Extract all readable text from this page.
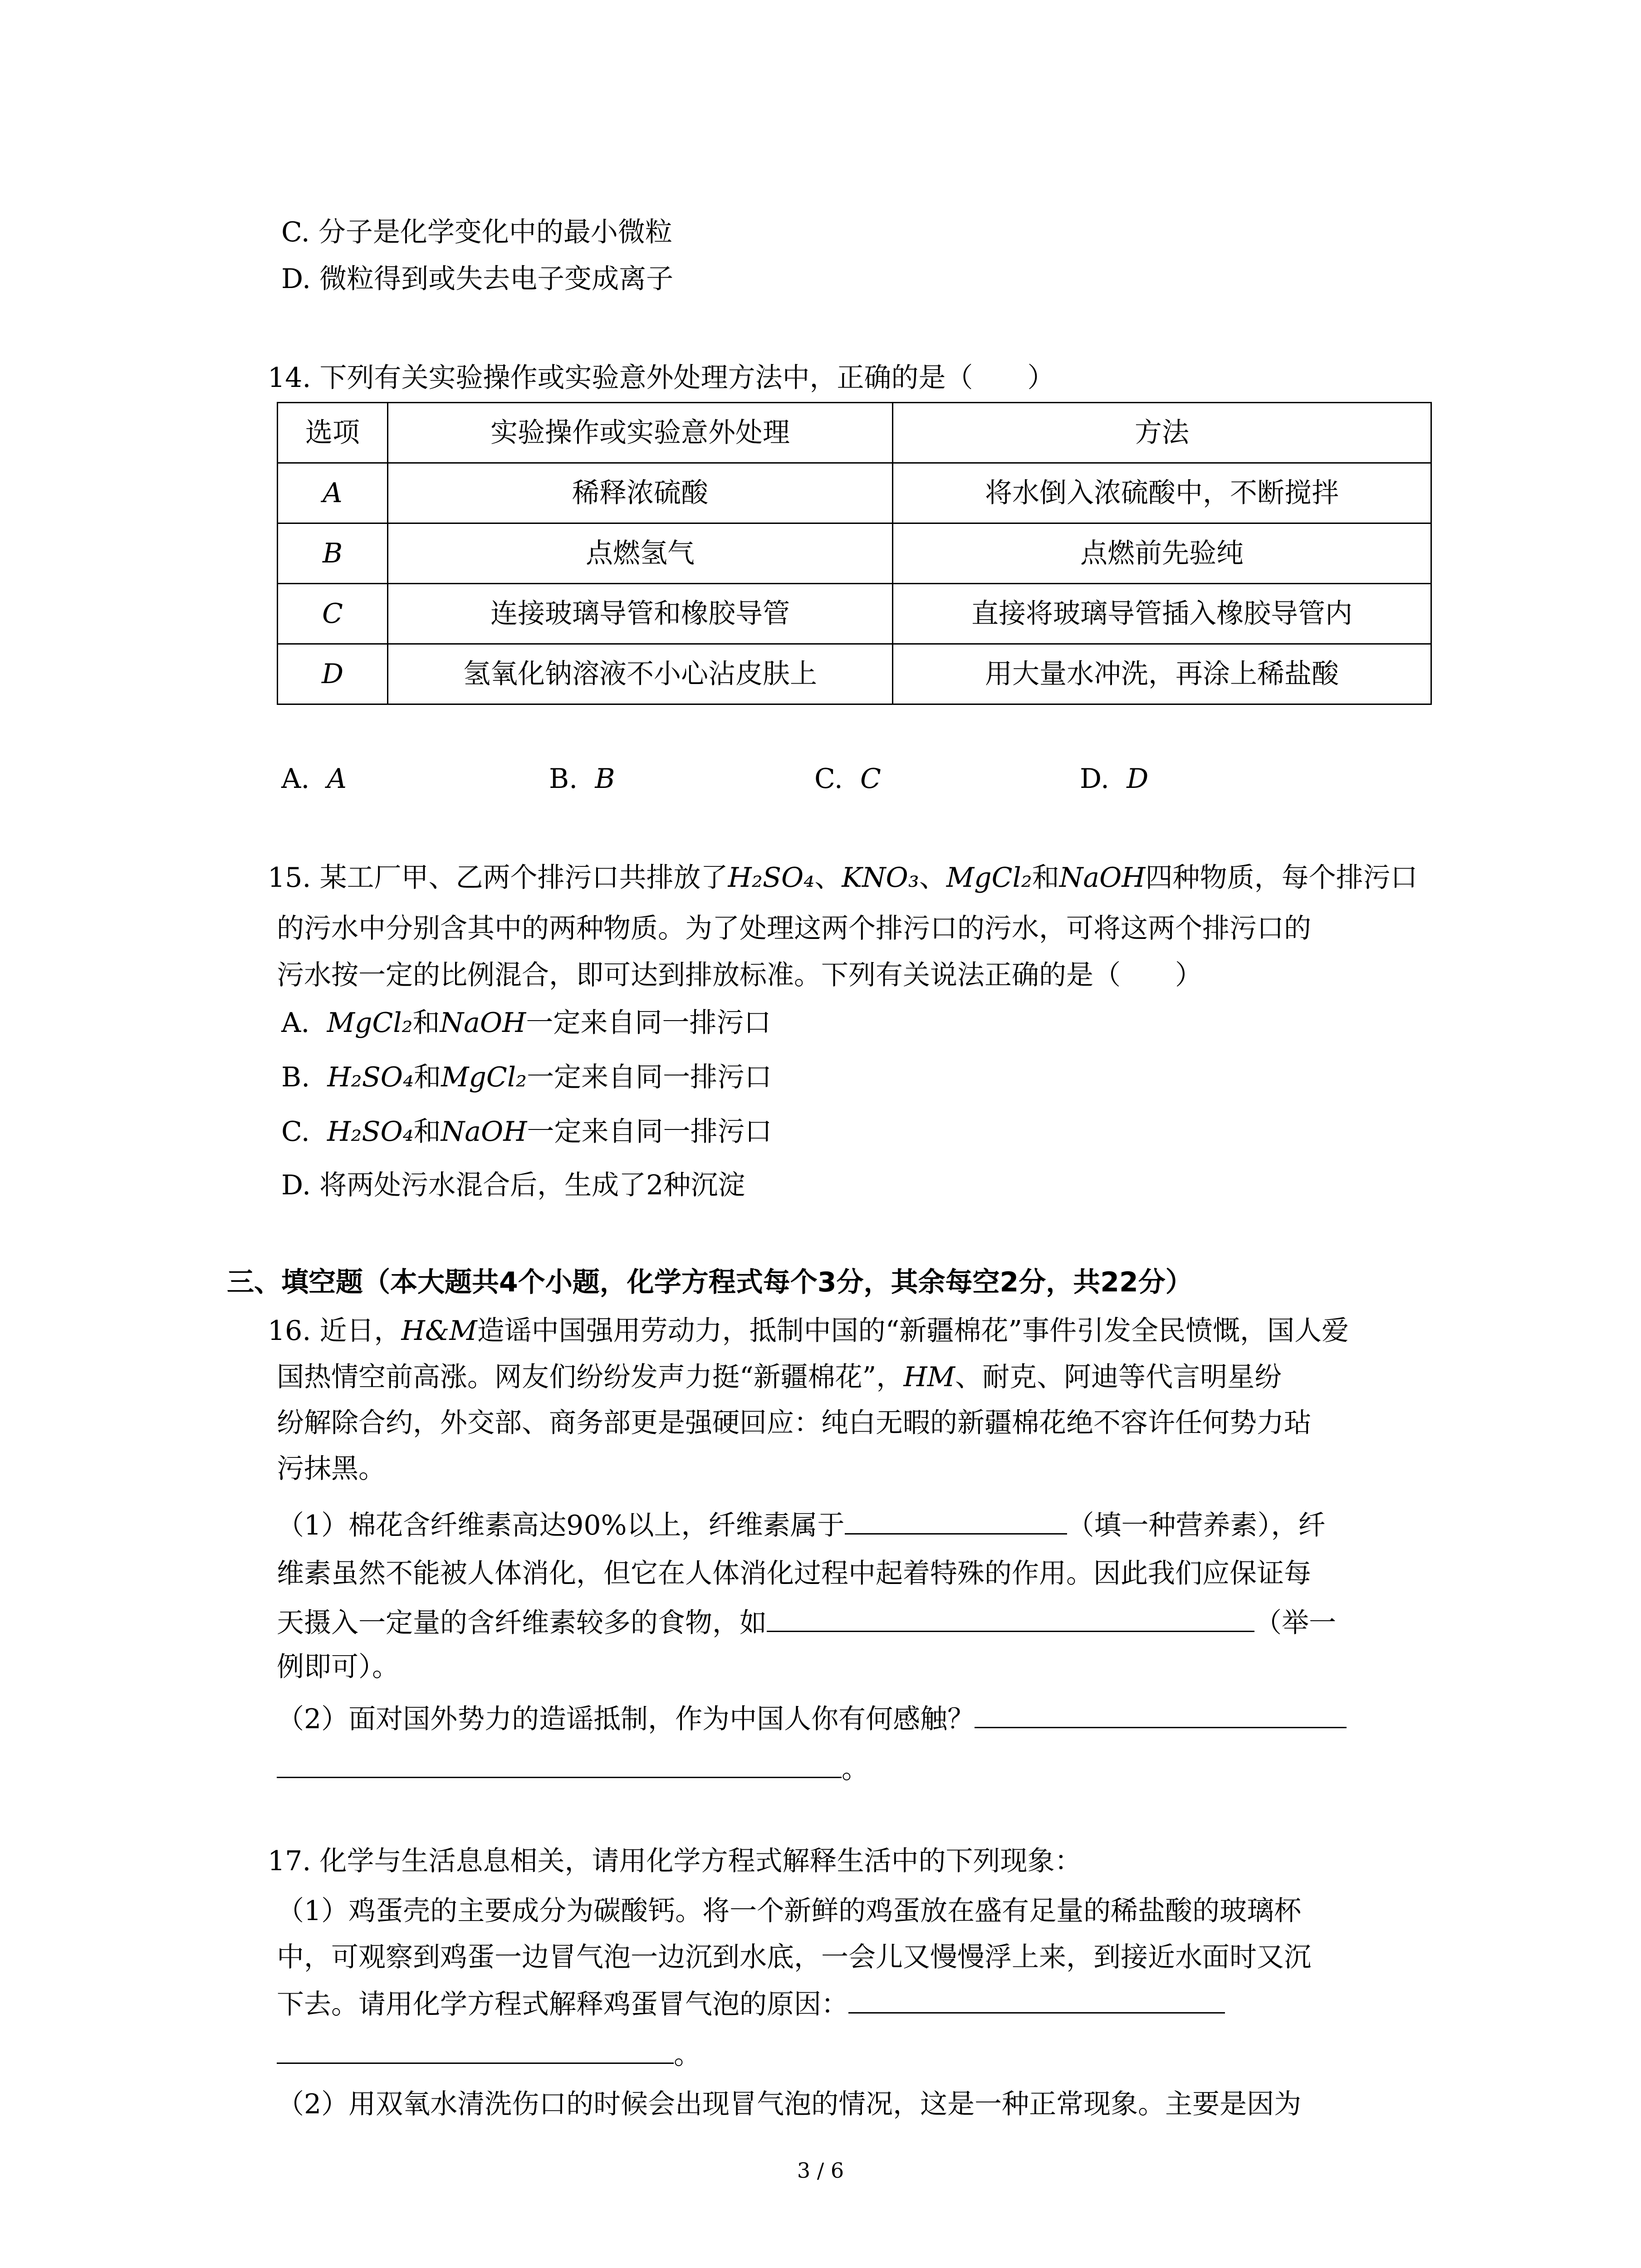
C. 分子是化学变化中的最小微粒
D. 微粒得到或失去电子变成离子
14. 下列有关实验操作或实验意外处理方法中，正确的是（　　）
选项	实验操作或实验意外处理	方法
A	稀释浓硫酸	将水倒入浓硫酸中，不断搅拌
B	点燃氢气	点燃前先验纯
C	连接玻璃导管和橡胶导管	直接将玻璃导管插入橡胶导管内
D	氢氧化钠溶液不小心沾皮肤上	用大量水冲洗，再涂上稀盐酸
A. A	B. B	C. C	D. D
15. 某工厂甲、乙两个排污口共排放了H₂SO₄、KNO₃、MgCl₂和NaOH四种物质，每个排污口
的污水中分别含其中的两种物质。为了处理这两个排污口的污水，可将这两个排污口的
污水按一定的比例混合，即可达到排放标准。下列有关说法正确的是（　　）
A. MgCl₂和NaOH一定来自同一排污口
B. H₂SO₄和MgCl₂一定来自同一排污口
C. H₂SO₄和NaOH一定来自同一排污口
D. 将两处污水混合后，生成了2种沉淀
三、填空题（本大题共4个小题，化学方程式每个3分，其余每空2分，共22分）
16. 近日，H&M造谣中国强用劳动力，抵制中国的“新疆棉花”事件引发全民愤慨，国人爱
国热情空前高涨。网友们纷纷发声力挺“新疆棉花”，HM、耐克、阿迪等代言明星纷
纷解除合约，外交部、商务部更是强硬回应：纯白无暇的新疆棉花绝不容许任何势力玷
污抹黑。
（1）棉花含纤维素高达90%以上，纤维素属于	（填一种营养素），纤
维素虽然不能被人体消化，但它在人体消化过程中起着特殊的作用。因此我们应保证每
天摄入一定量的含纤维素较多的食物，如	（举一
例即可）。
（2）面对国外势力的造谣抵制，作为中国人你有何感触？
。
17. 化学与生活息息相关，请用化学方程式解释生活中的下列现象：
（1）鸡蛋壳的主要成分为碳酸钙。将一个新鲜的鸡蛋放在盛有足量的稀盐酸的玻璃杯
中，可观察到鸡蛋一边冒气泡一边沉到水底，一会儿又慢慢浮上来，到接近水面时又沉
下去。请用化学方程式解释鸡蛋冒气泡的原因：
。
（2）用双氧水清洗伤口的时候会出现冒气泡的情况，这是一种正常现象。主要是因为
3 / 6
